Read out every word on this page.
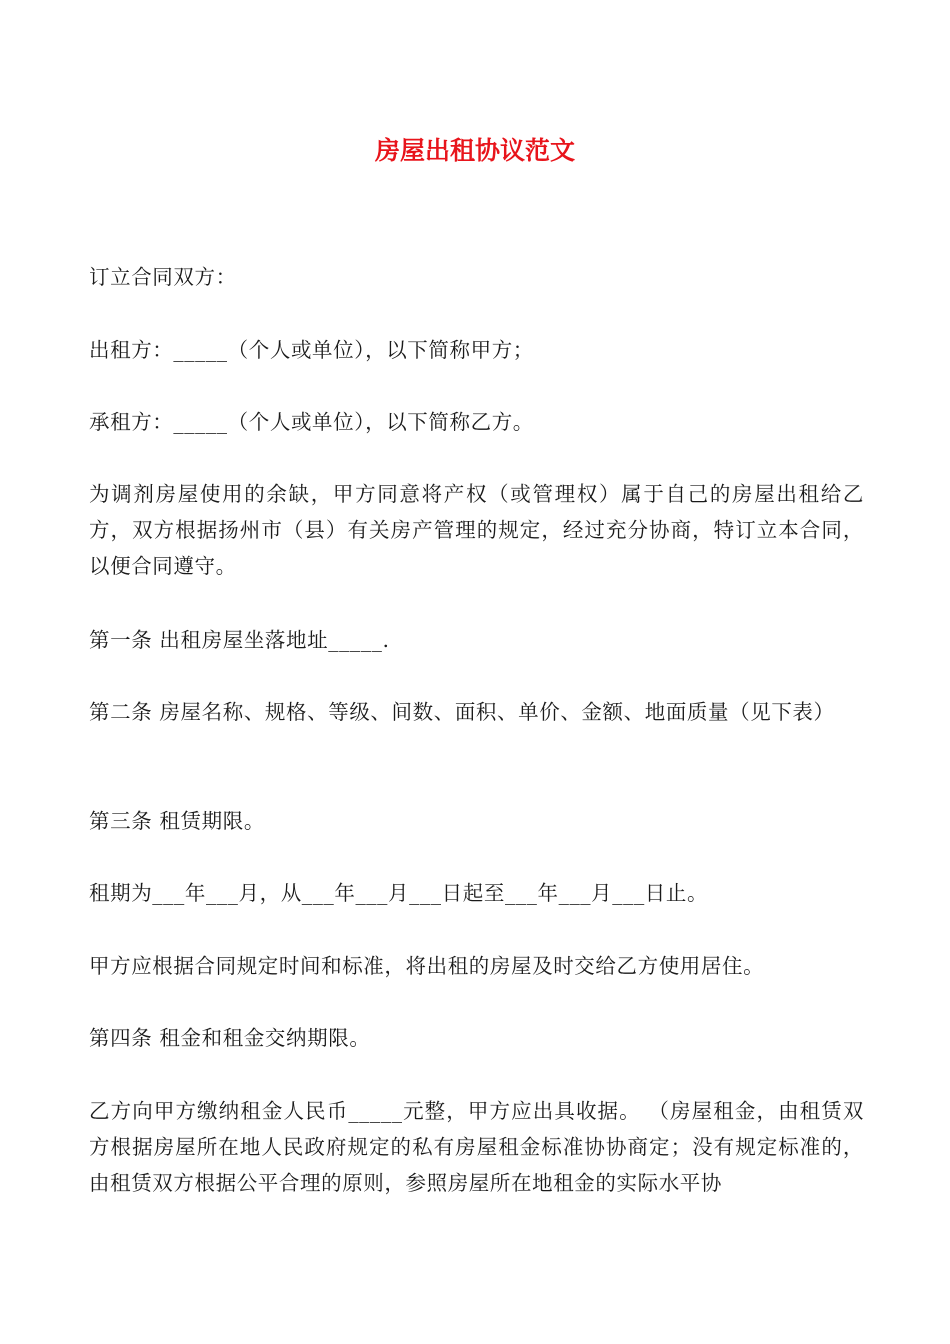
房屋出租协议范文

订立合同双方：

出租方：_____（个人或单位），以下简称甲方；

承租方：_____（个人或单位），以下简称乙方。

为调剂房屋使用的余缺，甲方同意将产权（或管理权）属于自己的房屋出租给乙方，双方根据扬州市（县）有关房产管理的规定，经过充分协商，特订立本合同，以便合同遵守。

第一条 出租房屋坐落地址_____.

第二条 房屋名称、规格、等级、间数、面积、单价、金额、地面质量（见下表）

第三条 租赁期限。

租期为___年___月，从___年___月___日起至___年___月___日止。

甲方应根据合同规定时间和标准，将出租的房屋及时交给乙方使用居住。

第四条 租金和租金交纳期限。

乙方向甲方缴纳租金人民币_____元整，甲方应出具收据。 （房屋租金，由租赁双方根据房屋所在地人民政府规定的私有房屋租金标准协协商定；没有规定标准的，由租赁双方根据公平合理的原则，参照房屋所在地租金的实际水平协
